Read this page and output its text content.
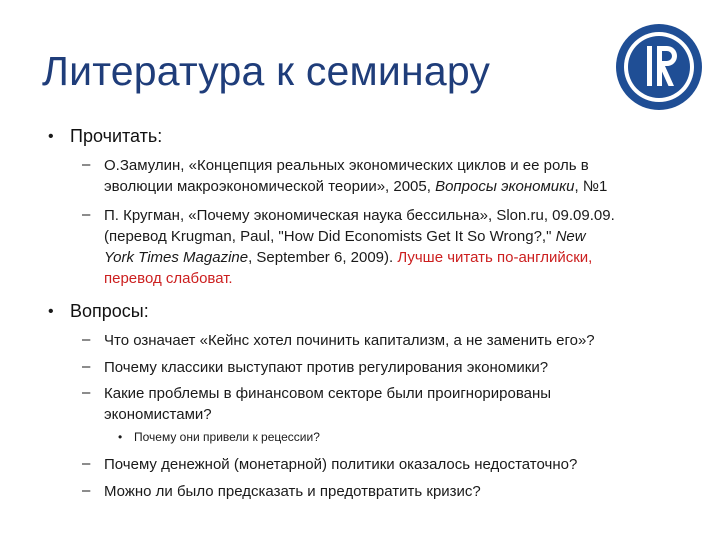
Литература к семинару
• Прочитать:
– О.Замулин, «Концепция реальных экономических циклов и ее роль в
эволюции макроэкономической теории», 2005, Вопросы экономики, №1
– П. Кругман, «Почему экономическая наука бессильна», Slon.ru, 09.09.09.
(перевод Krugman, Paul, "How Did Economists Get It So Wrong?," New
York Times Magazine, September 6, 2009). Лучше читать по-английски,
перевод слабоват.
• Вопросы:
– Что означает «Кейнс хотел починить капитализм, а не заменить его»?
– Почему классики выступают против регулирования экономики?
– Какие проблемы в финансовом секторе были проигнорированы
экономистами?
• Почему они привели к рецессии?
– Почему денежной (монетарной) политики оказалось недостаточно?
– Можно ли было предсказать и предотвратить кризис?
